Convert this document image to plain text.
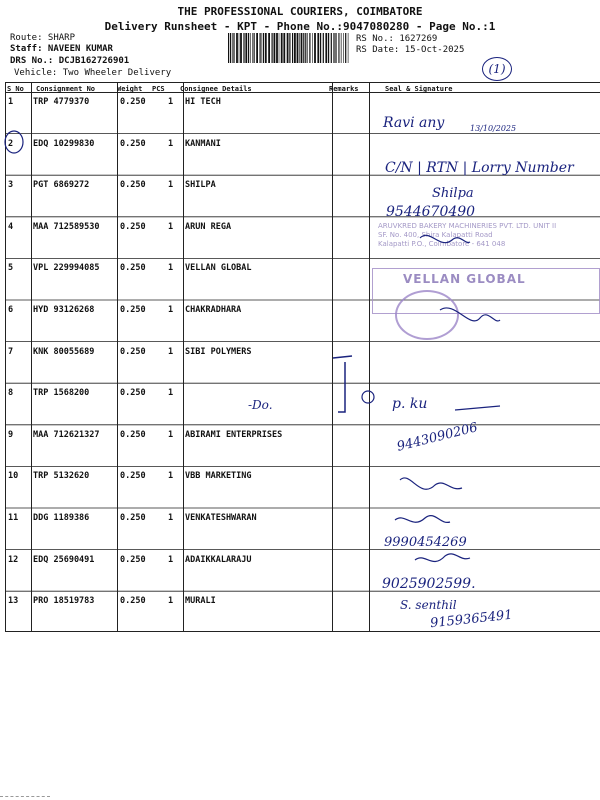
THE PROFESSIONAL COURIERS, COIMBATORE
Delivery Runsheet - KPT - Phone No.:9047080280 - Page No.:1
Route: SHARP
Staff: NAVEEN KUMAR
DRS No.: DCJB162726901
Vehicle: Two Wheeler Delivery
RS No.: 1627269
RS Date: 15-Oct-2025
(1)
S No Consignment No	Weight PCS Consignee Details	Remarks	Seal & Signature
1 TRP 4779370	0.250	1 HI TECH
2 EDQ 10299830	0.250	1 KANMANI
3 PGT 6869272	0.250	1 SHILPA
4 MAA 712589530 0.250	1 ARUN REGA
5 VPL 229994085 0.250	1 VELLAN GLOBAL
6 HYD 93126268	0.250	1 CHAKRADHARA
7 KNK 80055689	0.250	1 SIBI POLYMERS
8 TRP 1568200	0.250	1
9 MAA 712621327 0.250	1 ABIRAMI ENTERPRISES
10 TRP 5132620	0.250	1 VBB MARKETING
11 DDG 1189386	0.250	1 VENKATESHWARAN
12 EDQ 25690491	0.250	1 ADAIKKALARAJU
13 PRO 18519783	0.250	1 MURALI
ARUVKRED BAKERY MACHINERIES PVT. LTD. UNIT II
SF. No. 400, Shira Kalapatti Road
Kalapatti P.O., Coimbatore - 641 048
VELLAN GLOBAL
Ravi any	13/10/2025
C/N | RTN | Lorry Number
Shilpa
9544670490
-Do.	p. ku
9443090206
9990454269
9025902599.
S. senthil
9159365491
